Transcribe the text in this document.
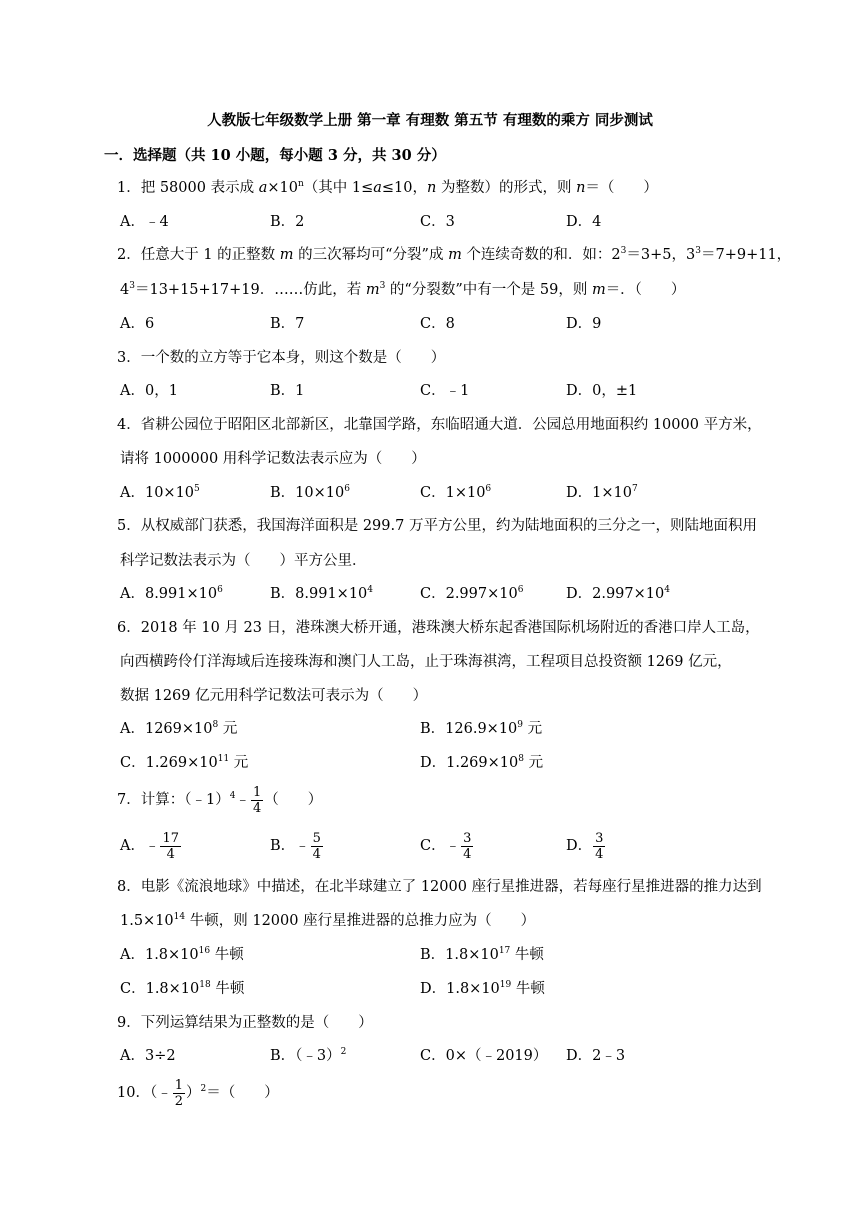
人教版七年级数学上册 第一章 有理数 第五节 有理数的乘方 同步测试
一．选择题（共 10 小题，每小题 3 分，共 30 分）
1．把 58000 表示成 $a\times 10^n$（其中 1≤a≤10，n 为整数）的形式，则 n＝（　　）
A．﹣4	B．2	C．3	D．4
2．任意大于 1 的正整数 m 的三次幂均可“分裂”成 m 个连续奇数的和．如：$2^3=3+5$，$3^3=7+9+11$，
$4^3=13+15+17+19$．……仿此，若 $m^3$ 的“分裂数”中有一个是 59，则 m＝．（　　）
A．6	B．7	C．8	D．9
3．一个数的立方等于它本身，则这个数是（　　）
A．0，1	B．1	C．﹣1	D．0，±1
4．省耕公园位于昭阳区北部新区，北靠国学路，东临昭通大道．公园总用地面积约 10000 平方米，
请将 1000000 用科学记数法表示应为（　　）
A．$10\times 10^5$	B．$10\times 10^6$	C．$1\times 10^6$	D．$1\times 10^7$
5．从权威部门获悉，我国海洋面积是 299.7 万平方公里，约为陆地面积的三分之一，则陆地面积用
科学记数法表示为（　　）平方公里．
A．$8.991\times 10^6$	B．$8.991\times 10^4$	C．$2.997\times 10^6$	D．$2.997\times 10^4$
6．2018 年 10 月 23 日，港珠澳大桥开通，港珠澳大桥东起香港国际机场附近的香港口岸人工岛，
向西横跨伶仃洋海域后连接珠海和澳门人工岛，止于珠海祺湾，工程项目总投资额 1269 亿元，
数据 1269 亿元用科学记数法可表示为（　　）
A．$1269\times 10^8$ 元	B．$126.9\times 10^9$ 元
C．$1.269\times 10^{11}$ 元	D．$1.269\times 10^8$ 元
7．计算：（﹣1）$^4$﹣ $\frac{1}{4}$ （　　）
A．﹣ $\frac{17}{4}$	B．﹣ $\frac{5}{4}$	C．﹣ $\frac{3}{4}$	D． $\frac{3}{4}$
8．电影《流浪地球》中描述，在北半球建立了 12000 座行星推进器，若每座行星推进器的推力达到
$1.5\times 10^{14}$ 牛顿，则 12000 座行星推进器的总推力应为（　　）
A．$1.8\times 10^{16}$ 牛顿	B．$1.8\times 10^{17}$ 牛顿
C．$1.8\times 10^{18}$ 牛顿	D．$1.8\times 10^{19}$ 牛顿
9．下列运算结果为正整数的是（　　）
A．3÷2	B．（﹣3）$^2$	C．0×（﹣2019） D．2﹣3
10．（﹣ $\frac{1}{2} )^2=$（　　）
